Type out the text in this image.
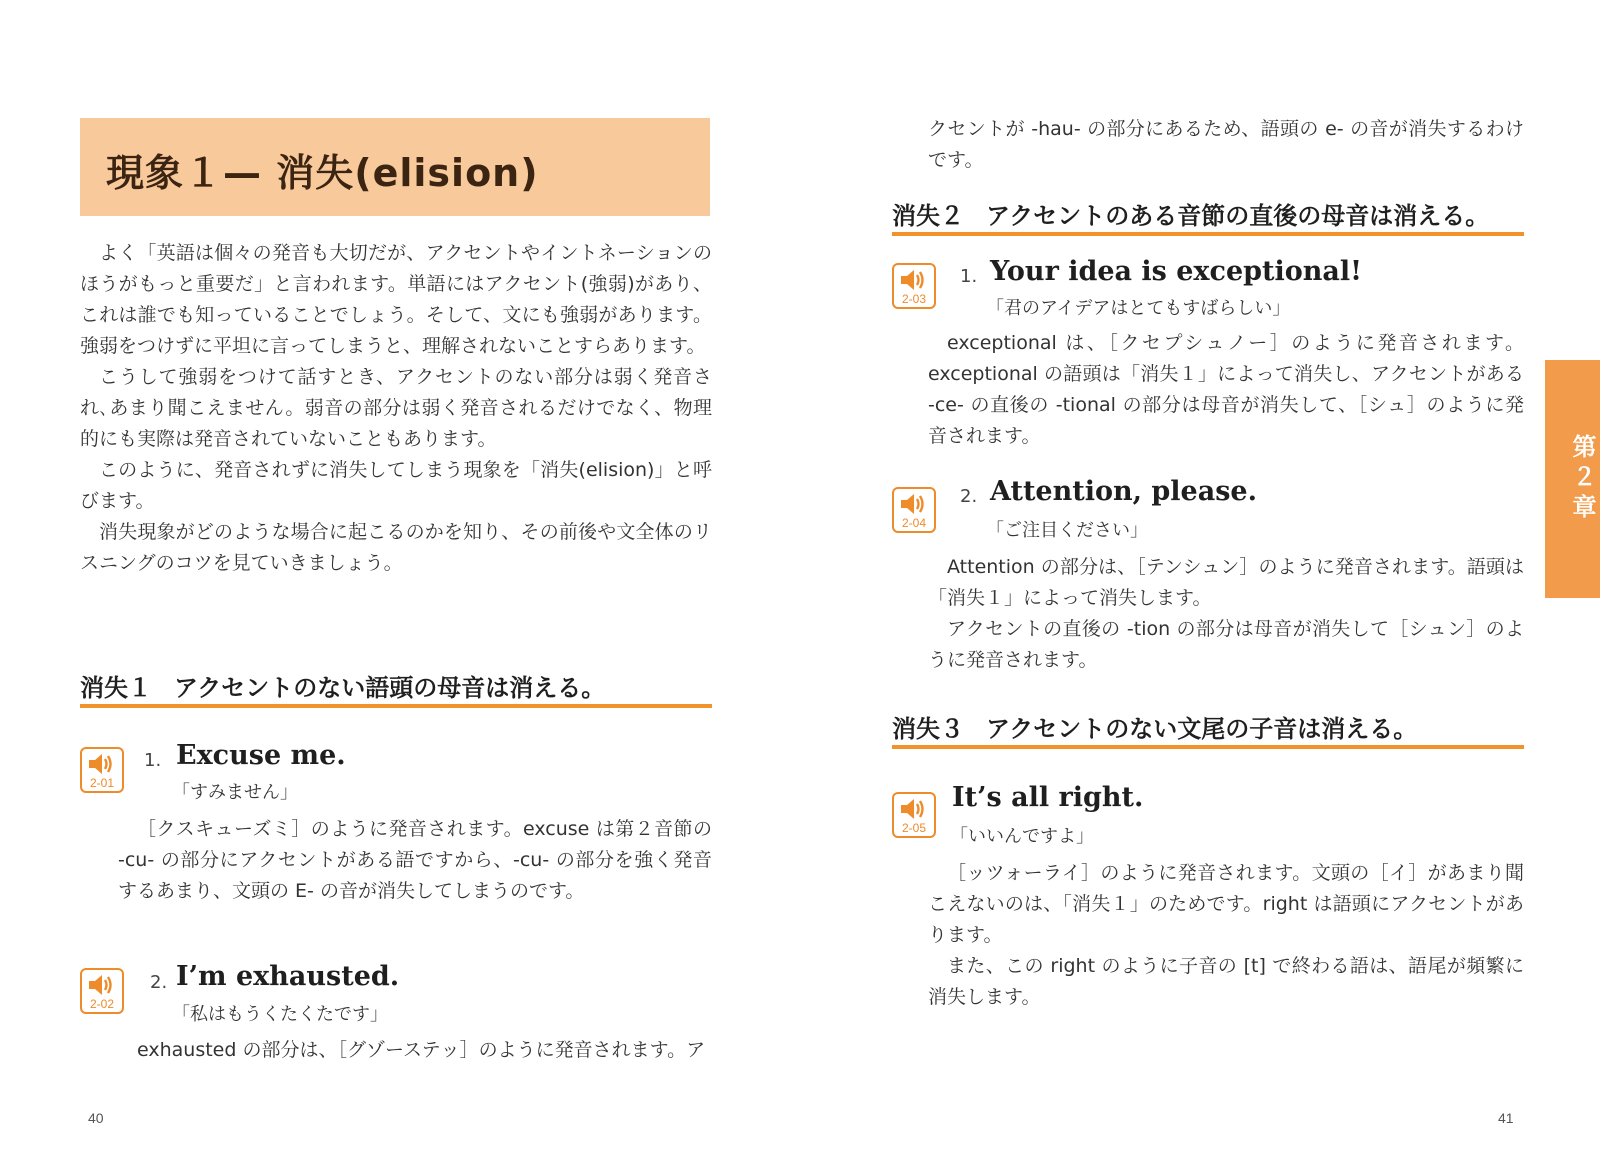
現象１— 消失(elision)

よく「英語は個々の発音も大切だが、アクセントやイントネーションのほうがもっと重要だ」と言われます。単語にはアクセント(強弱)があり、これは誰でも知っていることでしょう。そして、文にも強弱があります。強弱をつけずに平坦に言ってしまうと、理解されないことすらあります。

こうして強弱をつけて話すとき、アクセントのない部分は弱く発音され､あまり聞こえません。弱音の部分は弱く発音されるだけでなく、物理的にも実際は発音されていないこともあります。

このように、発音されずに消失してしまう現象を「消失(elision)」と呼びます。

消失現象がどのような場合に起こるのかを知り、その前後や文全体のリスニングのコツを見ていきましょう。

消失１ アクセントのない語頭の母音は消える。
2-01
1. Excuse me.
「すみません」

［クスキューズミ］のように発音されます。excuse は第２音節の -cu- の部分にアクセントがある語ですから、-cu- の部分を強く発音するあまり、文頭の E- の音が消失してしまうのです。

2-02
2. I’m exhausted.
「私はもうくたくたです」

exhausted の部分は、［グゾーステッ］のように発音されます。ア

40

クセントが -hau- の部分にあるため、語頭の e- の音が消失するわけです。

消失２ アクセントのある音節の直後の母音は消える。
2-03
1. Your idea is exceptional!
「君のアイデアはとてもすばらしい」

exceptional は、［クセプシュノー］のように発音されます。exceptional の語頭は「消失１」によって消失し、アクセントがある -ce- の直後の -tional の部分は母音が消失して、［シュ］のように発音されます。

2-04
2. Attention, please.
「ご注目ください」

Attention の部分は、［テンシュン］のように発音されます。語頭は「消失１」によって消失します。

アクセントの直後の -tion の部分は母音が消失して［シュン］のように発音されます。

消失３ アクセントのない文尾の子音は消える。
2-05
It’s all right.
「いいんですよ」

［ッツォーライ］のように発音されます。文頭の［イ］があまり聞こえないのは、「消失１」のためです。right は語頭にアクセントがあります。

また、この right のように子音の [t] で終わる語は、語尾が頻繁に消失します。

41
第２章
